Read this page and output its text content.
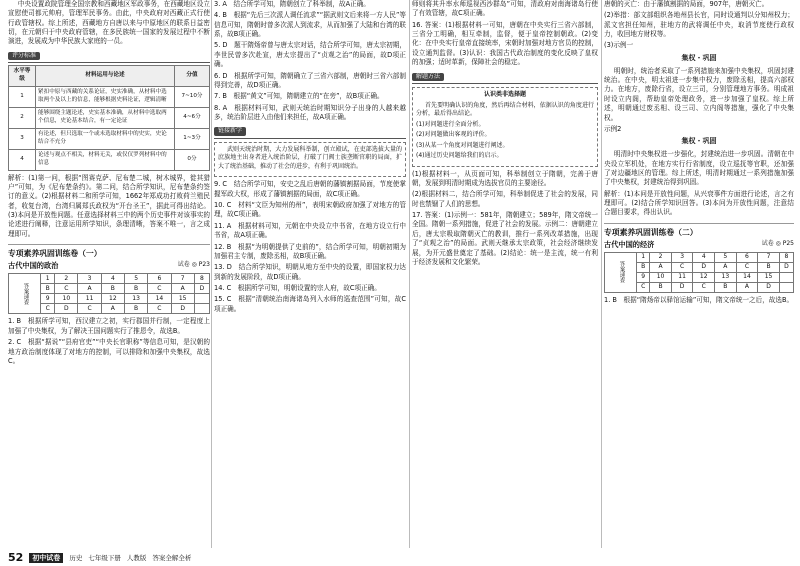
中央设置政院管理全国宗教和西藏地区军政事务，在西藏地区设立宣慰使司都元帅府，管理军民事务。由此，中央政府对西藏正式行使行政管辖权。综上所述，西藏地方自唐以来与中原地区的联系日益密切，在元朝归于中央政府管辖，在多民族统一国家的发展过程中不断演进，发展成为中华民族大家庭的一员。

评分标准
水平等级	材料运用与论述	分值
1	紧扣中原与西藏的关系论证，史实准确，从材料中选取两个及以上的信息，能够根据史料论证，逻辑清晰	7~10分
2	能够围绕主题论述，史实基本准确，从材料中选取两个信息，史论基本结合，有一定论证	4~6分
3	有论述，但只选取一个或未选取材料中的史实，史论结合不充分	1~3分
4	论述与观点不相关，材料无关，或仅仅罗列材料中的信息	0分

解析：(1)第一问，根据“图赛克萨、尼布楚二城，树木城界，徙其猎户”可知，为《尼布楚条约》。第二问，结合所学知识，尼布楚条约签订的意义。(2)根据材料二和所学可知，1662年郑成功打败荷兰殖民者，收复台湾，台湾归属郑氏政权为“开台圣王”，据此可得出结论。(3)本问是开放性问题。任意选择材料三中的两个历史事件对该事实的论述进行阐释，注意运用所学知识，条理清晰，答案不唯一，言之成理即可。

专项素养巩固训练卷（一）
古代中国的政治	试卷 ◎ P23
答案速查	1	2	3	4	5	6	7	8
	B	C	A	B	B	C	A	D
	9	10	11	12	13	14	15	
	C	D	C	A	B	C	D	

1. B　根据所学可知，西汉建立之初，实行郡国并行制，一定程度上加强了中央集权，为了解决王国问题实行了推恩令，故选B。

2. C　根据“据说”“县府官吏”“中央长官职称”等信息可知，是汉朝的地方政治制度体现了对地方的控制，可以排除和加强中央集权，故选C。

3. A　结合所学可知，隋朝创立了科举制，故A正确。

4. B　根据“先后三次派人调任流求”“据武则文后来将一方人民”等信息可知，隋朝时曾多次派人到流求，从而加强了大陆和台湾的联系，故B项正确。

5. D　题干隋炀帝曾与唐太宗对话，结合所学可知，唐太宗初期，李世民曾多次赴宣，唐太宗提出了“贞观之治”的局面，故D项正确。

6. D　根据所学可知，隋朝确立了三省六部制，唐朝时三省六部制得到完善，故D项正确。

7. B　根据“黄文”可知，隋朝建立的“在旁”，故B项正确。

8. A　根据材料可知，武则天统治时期知识分子出身的人越来越多，统治阶层进入由他们来担任，故A项正确。

链接新学

武则天统治时期，大力发展科举制，创立殿试，在吏部选拔大量的庶族地主出身者进入统治阶层，打破了门阀士族垄断官职的局面，扩大了统治基础，推动了社会的进步，有利于巩固统治。

9. C　结合所学可知，安史之乱后唐朝的藩镇割据局面，节度使掌握军政大权，形成了藩镇割据的局面，故C项正确。

10. C　材料“文臣为知州的州”，表明宋朝政府加强了对地方的管理，故C项正确。

11. A　根据材料可知，元朝在中央设立中书省，在地方设立行中书省，故A项正确。

12. B　根据“为明朝提供了史前的”，结合所学可知，明朝初期为加强君主专制，废除丞相，故B项正确。

13. D　结合所学知识，明朝从地方至中央的设置，即国家权力达到新的发展阶段，故D项正确。

14. C　根据所学可知，明朝设置的宗人府，故C项正确。

15. C　根据“清朝统治南海诸岛列入水师的巡查范围”可知，故C项正确。

师则将其升率水师巡视西沙群岛”可知，清政府对南海诸岛行使了有效管辖，故C项正确。

16. 答案：(1)根据材料一可知，唐朝在中央实行三省六部制，三省分工明确，相互牵制，监督，便于皇帝控制朝政。(2)变化：在中央实行皇帝直接统率，宋朝时加强对地方官员的控制，设立通判监督。(3)认识：我国古代政治制度的变化反映了皇权的加强；适时革新，保障社会的稳定。

解题方法
认识类非选择题

首先要明确认识的角度，然后再结合材料，依据认识的角度进行分析，最后得出结论。

(1)对问题进行全面分析。

(2)对问题做出客观的评价。

(3)从某一个角度对问题进行阐述。

(4)通过历史问题给我们的启示。

(1)根据材料一，从页面可知，科举制创立于隋朝，完善于唐朝，发展到明清时期成为选拔官员的主要途径。

(2)根据材料二，结合所学可知，科举制促进了社会的发展，同时也禁锢了人们的思想。

17. 答案：(1)示例一：581年，隋朝建立；589年，隋文帝统一全国。隋朝一系列措施，促进了社会的发展。示例二：唐朝建立后，唐太宗吸取隋朝灭亡的教训，推行一系列改革措施，出现了“贞观之治”的局面。武则天继承太宗政策，社会经济继续发展，为开元盛世奠定了基础。(2)结论：统一是主流，统一有利于经济发展和文化繁荣。

唐朝的灭亡：由于藩镇割据的局面，907年，唐朝灭亡。

(2)举措：部文部组织各地州县长官，同时设通判以分知州权力；派文官担任知州，驻地方的武将调任中央，取消节度使行政权力，收回地方财权等。

(3)示例一

集权・巩固

明朝时，统治者采取了一系列措施来加强中央集权，巩固封建统治。在中央，明太祖进一步集中权力，废除丞相，提高六部权力。在地方，废除行省，设立三司，分别管理地方事务。明成祖时设立内阁，帮助皇帝处理政务，进一步加强了皇权。综上所述，明朝通过废丞相、设三司、立内阁等措施，强化了中央集权。

示例2

集权・巩固

明清时中央集权进一步强化，封建统治进一步巩固。清朝在中央设立军机处，在地方实行行省制度，设立巡抚等官职，还加强了对边疆地区的管理。综上所述，明清时期通过一系列措施加强了中央集权，封建统治得到巩固。

解析：(1)本问是开放性问题，从兴衰事件方面进行论述，言之有理即可。(2)结合所学知识回答。(3)本问为开放性问题，注意结合题目要求，得出认识。

专项素养巩固训练卷（二）
古代中国的经济	试卷 ◎ P25
答案速查	1	2	3	4	5	6	7	8
	B	A	C	D	A	C	B	D
	9	10	11	12	13	14	15	
	C	B	D	C	B	A	D	

1. B　根据“隋炀帝以驿馆运输”可知，隋文帝统一之后，故选B。

52	初中试卷	历史 七年级下册 人教版 答案全解全析
